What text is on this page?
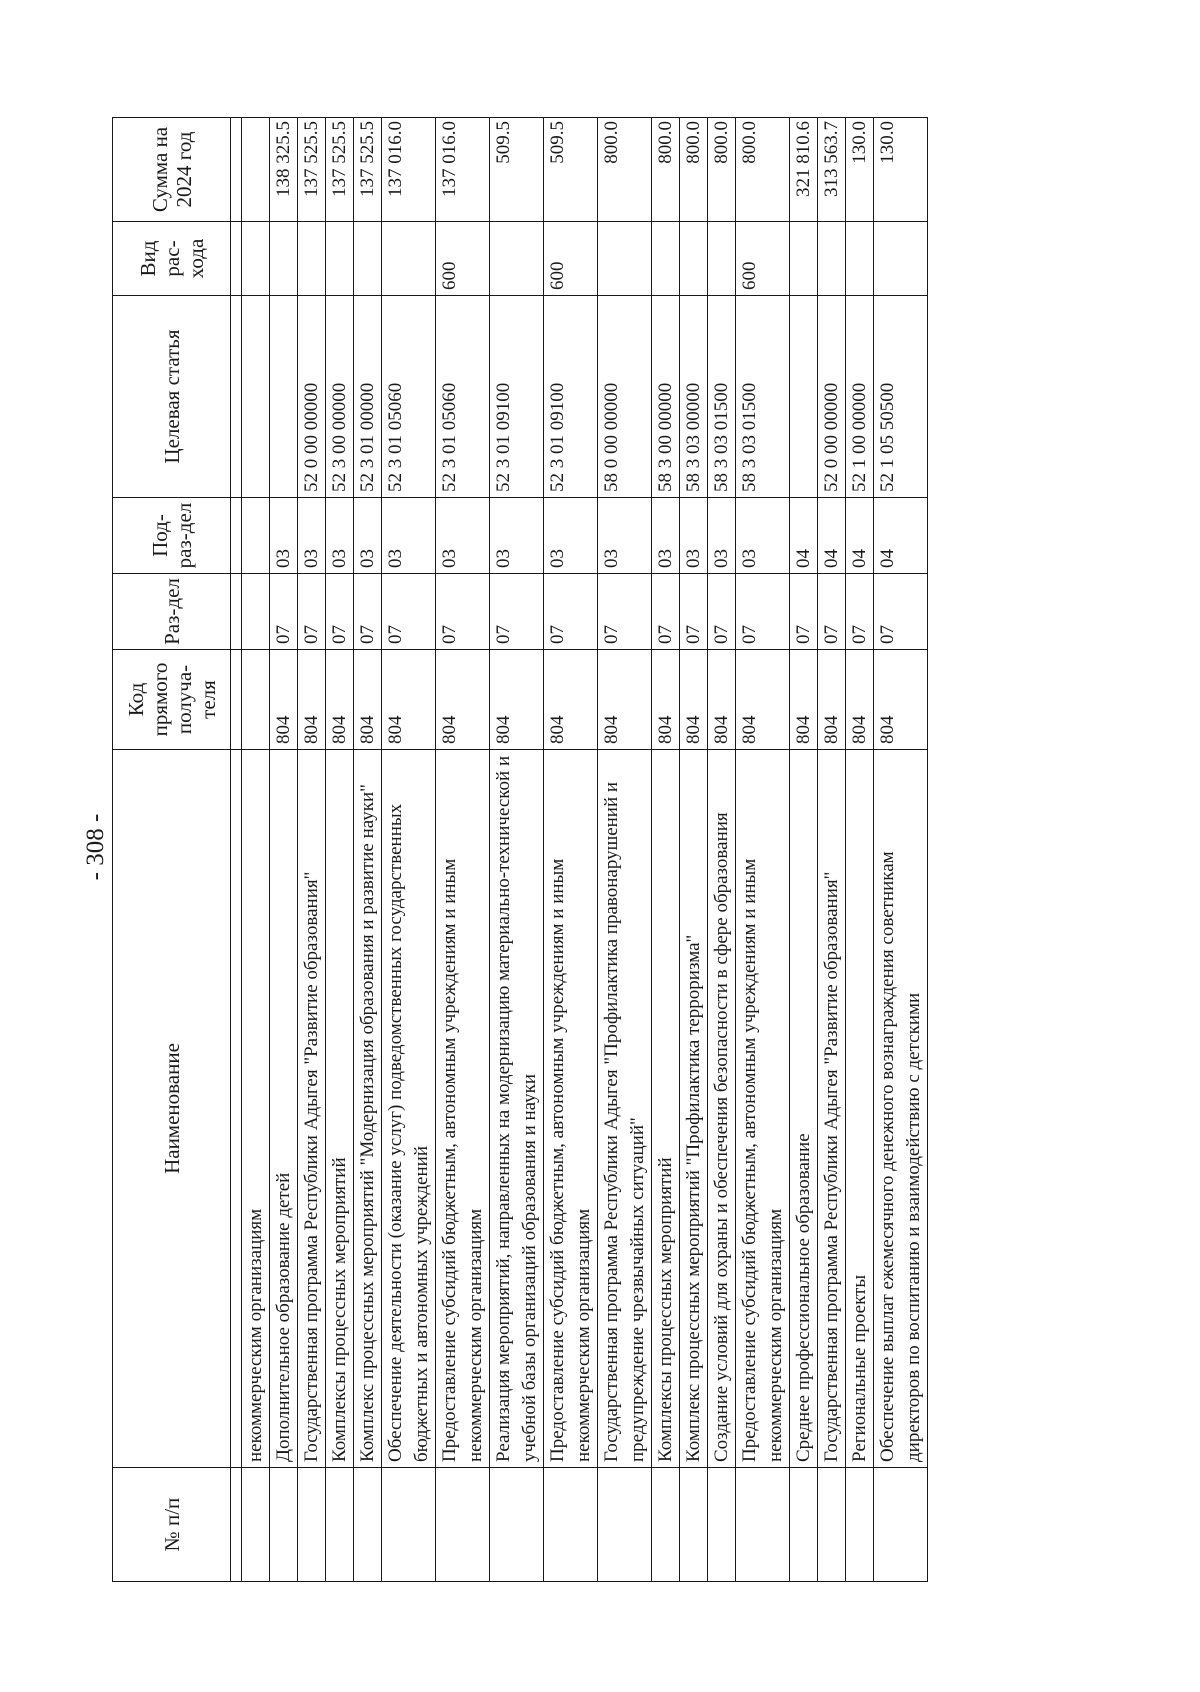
- 308 -
№ п/п	Наименование	Код прямого получа-теля	Раз-дел	Под-раз-дел	Целевая статья	Вид рас-хода	Сумма на 2024 год

	некоммерческим организациям						
	Дополнительное образование детей	804	07	03			138 325.5
	Государственная программа Республики Адыгея "Развитие образования"	804	07	03	52 0 00 00000		137 525.5
	Комплексы процессных мероприятий	804	07	03	52 3 00 00000		137 525.5
	Комплекс процессных мероприятий "Модернизация образования и развитие науки"	804	07	03	52 3 01 00000		137 525.5
	Обеспечение деятельности (оказание услуг) подведомственных государственных бюджетных и автономных учреждений	804	07	03	52 3 01 05060		137 016.0
	Предоставление субсидий бюджетным, автономным учреждениям и иным некоммерческим организациям	804	07	03	52 3 01 05060	600	137 016.0
	Реализация мероприятий, направленных на модернизацию материально-технической и учебной базы организаций образования и науки	804	07	03	52 3 01 09100		509.5
	Предоставление субсидий бюджетным, автономным учреждениям и иным некоммерческим организациям	804	07	03	52 3 01 09100	600	509.5
	Государственная программа Республики Адыгея "Профилактика правонарушений и предупреждение чрезвычайных ситуаций"	804	07	03	58 0 00 00000		800.0
	Комплексы процессных мероприятий	804	07	03	58 3 00 00000		800.0
	Комплекс процессных мероприятий "Профилактика терроризма"	804	07	03	58 3 03 00000		800.0
	Создание условий для охраны и обеспечения безопасности в сфере образования	804	07	03	58 3 03 01500		800.0
	Предоставление субсидий бюджетным, автономным учреждениям и иным некоммерческим организациям	804	07	03	58 3 03 01500	600	800.0
	Среднее профессиональное образование	804	07	04			321 810.6
	Государственная программа Республики Адыгея "Развитие образования"	804	07	04	52 0 00 00000		313 563.7
	Региональные проекты	804	07	04	52 1 00 00000		130.0
	Обеспечение выплат ежемесячного денежного вознаграждения советникам директоров по воспитанию и взаимодействию с детскими	804	07	04	52 1 05 50500		130.0
